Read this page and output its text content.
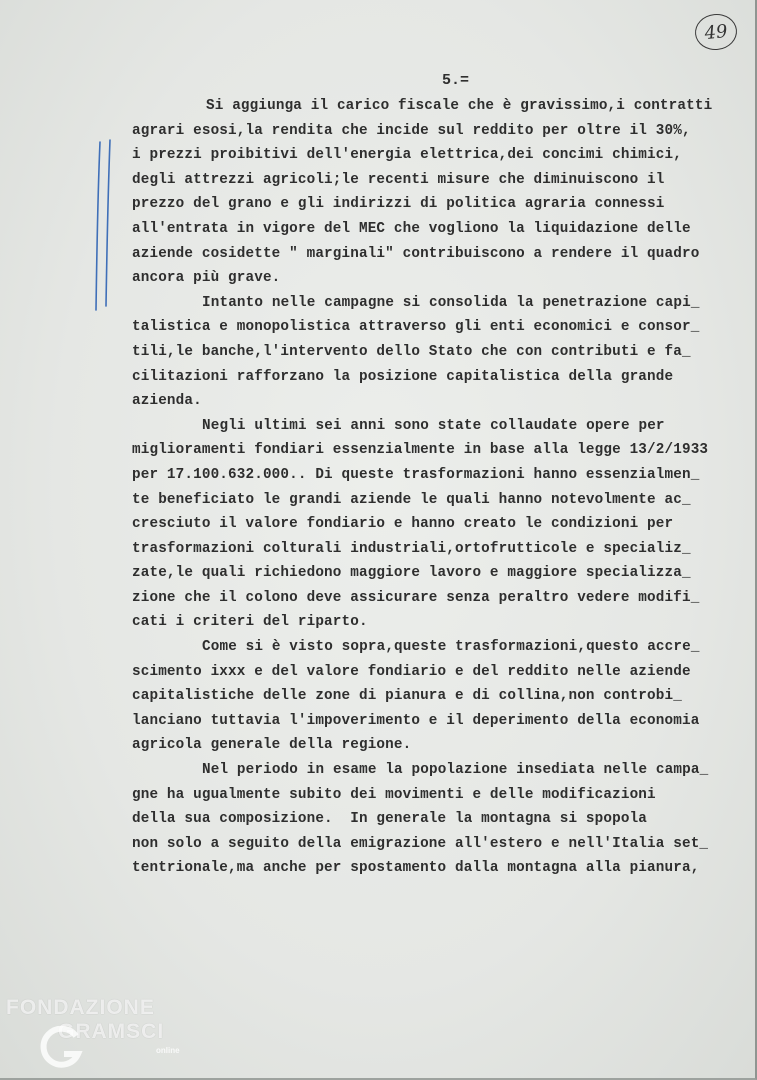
49
5.=
Si aggiunga il carico fiscale che è gravissimo,i contratti
agrari esosi,la rendita che incide sul reddito per oltre il 30%,
i prezzi proibitivi dell'energia elettrica,dei concimi chimici,
degli attrezzi agricoli;le recenti misure che diminuiscono il
prezzo del grano e gli indirizzi di politica agraria connessi
all'entrata in vigore del MEC che vogliono la liquidazione delle
aziende cosidette " marginali" contribuiscono a rendere il quadro
ancora più grave.
Intanto nelle campagne si consolida la penetrazione capi_
talistica e monopolistica attraverso gli enti economici e consor_
tili,le banche,l'intervento dello Stato che con contributi e fa_
cilitazioni rafforzano la posizione capitalistica della grande
azienda.
Negli ultimi sei anni sono state collaudate opere per
miglioramenti fondiari essenzialmente in base alla legge 13/2/1933
per 17.100.632.000.. Di queste trasformazioni hanno essenzialmen_
te beneficiato le grandi aziende le quali hanno notevolmente ac_
cresciuto il valore fondiario e hanno creato le condizioni per
trasformazioni colturali industriali,ortofrutticole e specializ_
zate,le quali richiedono maggiore lavoro e maggiore specializza_
zione che il colono deve assicurare senza peraltro vedere modifi_
cati i criteri del riparto.
Come si è visto sopra,queste trasformazioni,questo accre_
scimento ixxx e del valore fondiario e del reddito nelle aziende
capitalistiche delle zone di pianura e di collina,non controbi_
lanciano tuttavia l'impoverimento e il deperimento della economia
agricola generale della regione.
Nel periodo in esame la popolazione insediata nelle campa_
gne ha ugualmente subito dei movimenti e delle modificazioni
della sua composizione.  In generale la montagna si spopola
non solo a seguito della emigrazione all'estero e nell'Italia set_
tentrionale,ma anche per spostamento dalla montagna alla pianura,
FONDAZIONE
GRAMSCI
online
